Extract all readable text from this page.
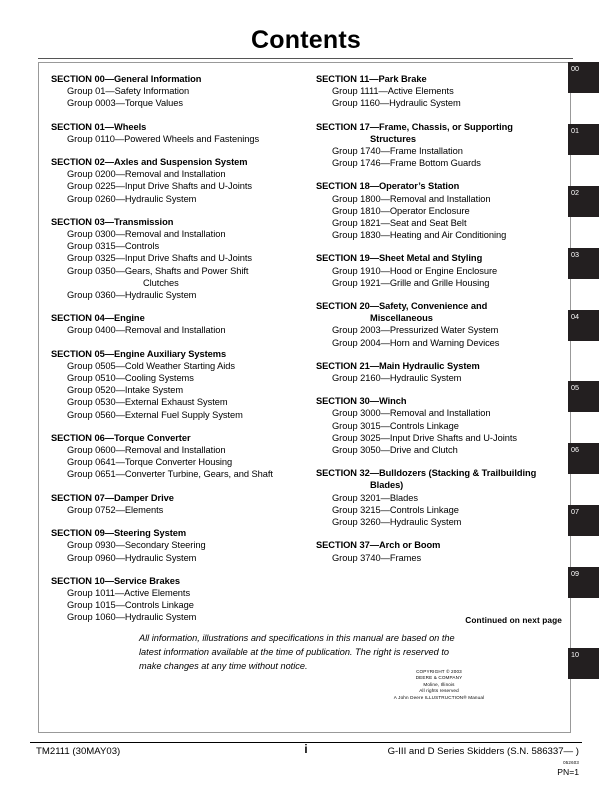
Contents
SECTION 00—General Information
Group 01—Safety Information
Group 0003—Torque Values
SECTION 01—Wheels
Group 0110—Powered Wheels and Fastenings
SECTION 02—Axles and Suspension System
Group 0200—Removal and Installation
Group 0225—Input Drive Shafts and U-Joints
Group 0260—Hydraulic System
SECTION 03—Transmission
Group 0300—Removal and Installation
Group 0315—Controls
Group 0325—Input Drive Shafts and U-Joints
Group 0350—Gears, Shafts and Power Shift
Clutches
Group 0360—Hydraulic System
SECTION 04—Engine
Group 0400—Removal and Installation
SECTION 05—Engine Auxiliary Systems
Group 0505—Cold Weather Starting Aids
Group 0510—Cooling Systems
Group 0520—Intake System
Group 0530—External Exhaust System
Group 0560—External Fuel Supply System
SECTION 06—Torque Converter
Group 0600—Removal and Installation
Group 0641—Torque Converter Housing
Group 0651—Converter Turbine, Gears, and Shaft
SECTION 07—Damper Drive
Group 0752—Elements
SECTION 09—Steering System
Group 0930—Secondary Steering
Group 0960—Hydraulic System
SECTION 10—Service Brakes
Group 1011—Active Elements
Group 1015—Controls Linkage
Group 1060—Hydraulic System
SECTION 11—Park Brake
Group 1111—Active Elements
Group 1160—Hydraulic System
SECTION 17—Frame, Chassis, or Supporting
Structures
Group 1740—Frame Installation
Group 1746—Frame Bottom Guards
SECTION 18—Operator’s Station
Group 1800—Removal and Installation
Group 1810—Operator Enclosure
Group 1821—Seat and Seat Belt
Group 1830—Heating and Air Conditioning
SECTION 19—Sheet Metal and Styling
Group 1910—Hood or Engine Enclosure
Group 1921—Grille and Grille Housing
SECTION 20—Safety, Convenience and
Miscellaneous
Group 2003—Pressurized Water System
Group 2004—Horn and Warning Devices
SECTION 21—Main Hydraulic System
Group 2160—Hydraulic System
SECTION 30—Winch
Group 3000—Removal and Installation
Group 3015—Controls Linkage
Group 3025—Input Drive Shafts and U-Joints
Group 3050—Drive and Clutch
SECTION 32—Bulldozers (Stacking & Trailbuilding
Blades)
Group 3201—Blades
Group 3215—Controls Linkage
Group 3260—Hydraulic System
SECTION 37—Arch or Boom
Group 3740—Frames
Continued on next page
All information, illustrations and specifications in this manual are based on the latest information available at the time of publication. The right is reserved to make changes at any time without notice.
COPYRIGHT © 2003
DEERE & COMPANY
Moline, Illinois
All rights reserved
A John Deere ILLUSTRUCTION® Manual
00
01
02
03
04
05
06
07
09
10
TM2111 (30MAY03)	i	G-III and D Series Skidders (S.N. 586337— )
052603
PN=1
